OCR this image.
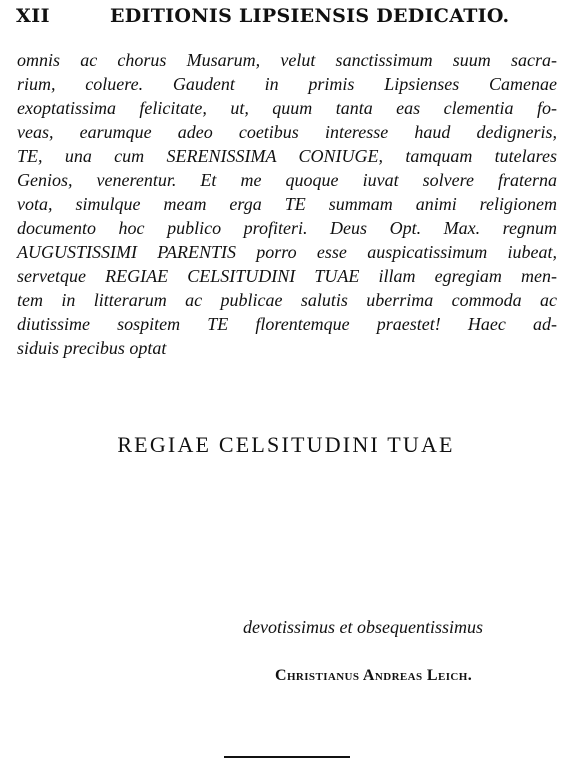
XII	EDITIONIS LIPSIENSIS DEDICATIO.
omnis ac chorus Musarum, velut sanctissimum suum sacra-
rium, coluere. Gaudent in primis Lipsienses Camenae
exoptatissima felicitate, ut, quum tanta eas clementia fo-
veas, earumque adeo coetibus interesse haud dedigneris,
TE, una cum SERENISSIMA CONIUGE, tamquam tutelares
Genios, venerentur. Et me quoque iuvat solvere fraterna
vota, simulque meam erga TE summam animi religionem
documento hoc publico profiteri. Deus Opt. Max. regnum
AUGUSTISSIMI PARENTIS porro esse auspicatissimum iubeat,
servetque REGIAE CELSITUDINI TUAE illam egregiam men-
tem in litterarum ac publicae salutis uberrima commoda ac
diutissime sospitem TE florentemque praestet! Haec ad-
siduis precibus optat
REGIAE CELSITUDINI TUAE

devotissimus et obsequentissimus

Christianus Andreas Leich.
